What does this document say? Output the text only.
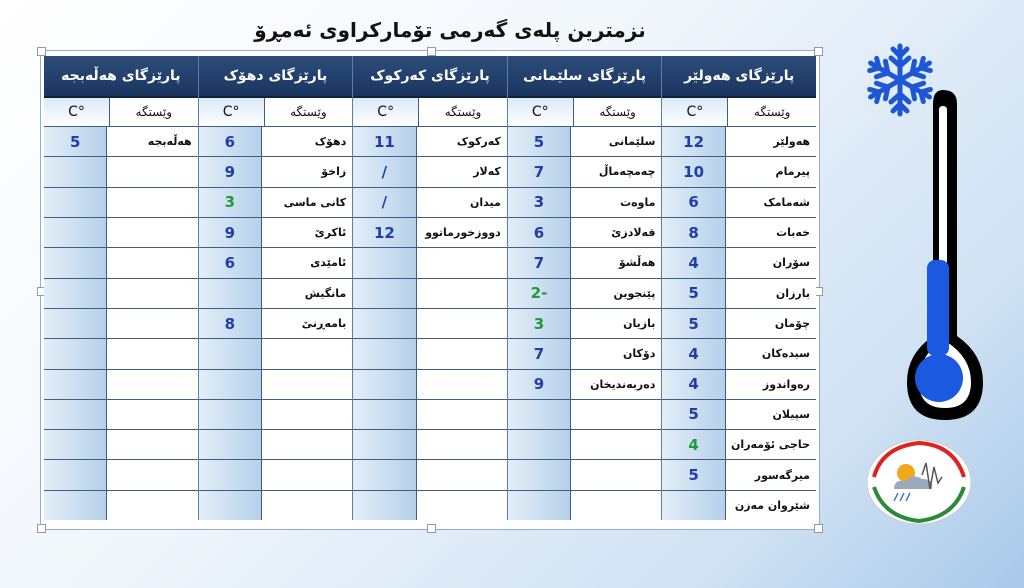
نزمترین پلەی گەرمی تۆمارکراوی ئەمڕۆ
پارێزگای هەولێر
وێستگە
°C
هەولێر
12
پیرمام
10
شەمامک
6
خەبات
8
سۆران
4
بارزان
5
چۆمان
5
سیدەکان
4
رەواندوز
4
سپیلان
5
حاجی ئۆمەران
4
میرگەسور
5
شێروان مەزن
پارێزگای سلێمانی
وێستگە
°C
سلێمانی
5
چەمچەماڵ
7
ماوەت
3
قەلادزێ
6
هەڵشۆ
7
پێنجوین
-2
بازیان
3
دۆکان
7
دەربەندیخان
9
پارێزگای کەرکوک
وێستگە
°C
کەرکوک
11
کەلار
/
میدان
/
دووزخورماتوو
12
پارێزگای دهۆک
وێستگە
°C
دهۆک
6
زاخۆ
9
کانی ماسی
3
ئاکرێ
9
ئامێدی
6
مانگیش
بامەڕنێ
8
پارێزگای هەڵەبجە
وێستگە
°C
هەڵەبجە
5
